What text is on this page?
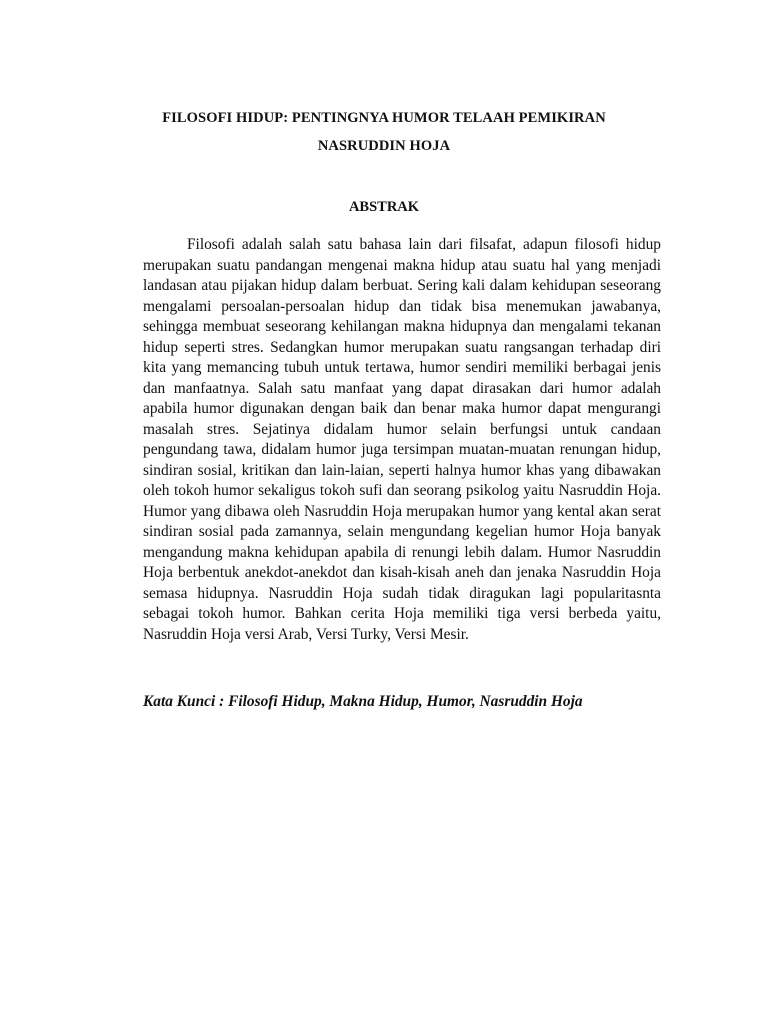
FILOSOFI HIDUP: PENTINGNYA HUMOR TELAAH PEMIKIRAN
NASRUDDIN HOJA
ABSTRAK

Filosofi adalah salah satu bahasa lain dari filsafat, adapun filosofi hidup merupakan suatu pandangan mengenai makna hidup atau suatu hal yang menjadi landasan atau pijakan hidup dalam berbuat. Sering kali dalam kehidupan seseorang mengalami persoalan-persoalan hidup dan tidak bisa menemukan jawabanya, sehingga membuat seseorang kehilangan makna hidupnya dan mengalami tekanan hidup seperti stres. Sedangkan humor merupakan suatu rangsangan terhadap diri kita yang memancing tubuh untuk tertawa, humor sendiri memiliki berbagai jenis dan manfaatnya. Salah satu manfaat yang dapat dirasakan dari humor adalah apabila humor digunakan dengan baik dan benar maka humor dapat mengurangi masalah stres. Sejatinya didalam humor selain berfungsi untuk candaan pengundang tawa, didalam humor juga tersimpan muatan-muatan renungan hidup, sindiran sosial, kritikan dan lain-laian, seperti halnya humor khas yang dibawakan oleh tokoh humor sekaligus tokoh sufi dan seorang psikolog yaitu Nasruddin Hoja. Humor yang dibawa oleh Nasruddin Hoja merupakan humor yang kental akan serat sindiran sosial pada zamannya, selain mengundang kegelian humor Hoja banyak mengandung makna kehidupan apabila di renungi lebih dalam. Humor Nasruddin Hoja berbentuk anekdot-anekdot dan kisah-kisah aneh dan jenaka Nasruddin Hoja semasa hidupnya. Nasruddin Hoja sudah tidak diragukan lagi popularitasnta sebagai tokoh humor. Bahkan cerita Hoja memiliki tiga versi berbeda yaitu, Nasruddin Hoja versi Arab, Versi Turky, Versi Mesir.

Kata Kunci : Filosofi Hidup, Makna Hidup, Humor, Nasruddin Hoja
